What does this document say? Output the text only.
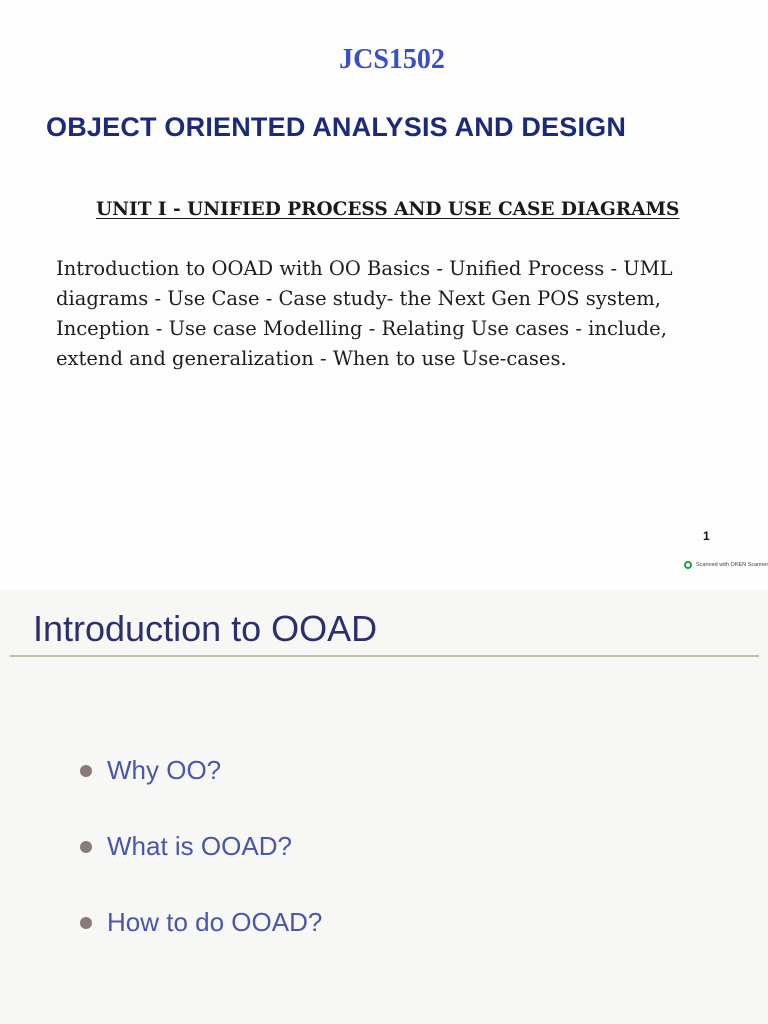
JCS1502
OBJECT ORIENTED ANALYSIS AND DESIGN
UNIT I - UNIFIED PROCESS AND USE CASE DIAGRAMS
Introduction to OOAD with OO Basics - Unified Process - UML
diagrams - Use Case - Case study- the Next Gen POS system,
Inception - Use case Modelling - Relating Use cases - include,
extend and generalization - When to use Use-cases.
1
Scanned with OKEN Scanner
Introduction to OOAD
Why OO?
What is OOAD?
How to do OOAD?
